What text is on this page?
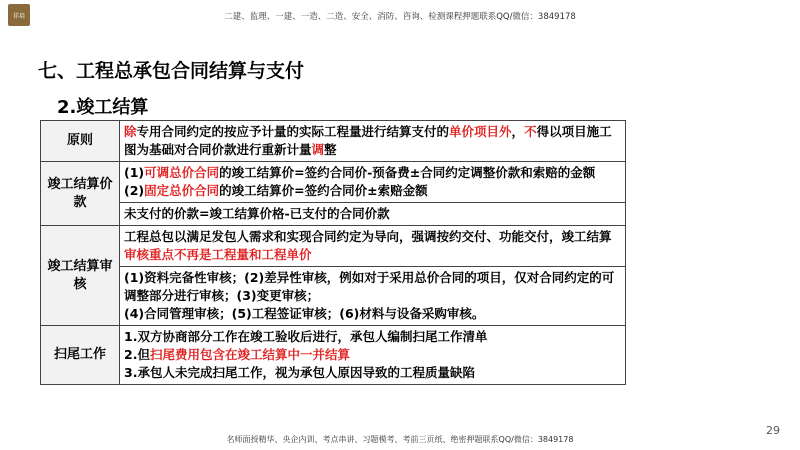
祥培	二建、监理、一建、一造、二造、安全、消防、咨询、检测课程押题联系QQ/微信：3849178
七、工程总承包合同结算与支付
2.竣工结算
原则	除专用合同约定的按应予计量的实际工程量进行结算支付的单价项目外，不得以项目施工图为基础对合同价款进行重新计量调整
竣工结算价款	(1)可调总价合同的竣工结算价=签约合同价-预备费±合同约定调整价款和索赔的金额
(2)固定总价合同的竣工结算价=签约合同价±索赔金额

	未支付的价款=竣工结算价格-已支付的合同价款
竣工结算审核	工程总包以满足发包人需求和实现合同约定为导向，强调按约交付、功能交付，竣工结算审核重点不再是工程量和工程单价

	(1)资料完备性审核；(2)差异性审核，例如对于采用总价合同的项目，仅对合同约定的可调整部分进行审核；(3)变更审核；
(4)合同管理审核；(5)工程签证审核；(6)材料与设备采购审核。

扫尾工作	1.双方协商部分工作在竣工验收后进行，承包人编制扫尾工作清单
2.但扫尾费用包含在竣工结算中一并结算
3.承包人未完成扫尾工作，视为承包人原因导致的工程质量缺陷
29
名师面授精华、央企内训、考点串讲、习题模考、考前三页纸、绝密押题联系QQ/微信：3849178
